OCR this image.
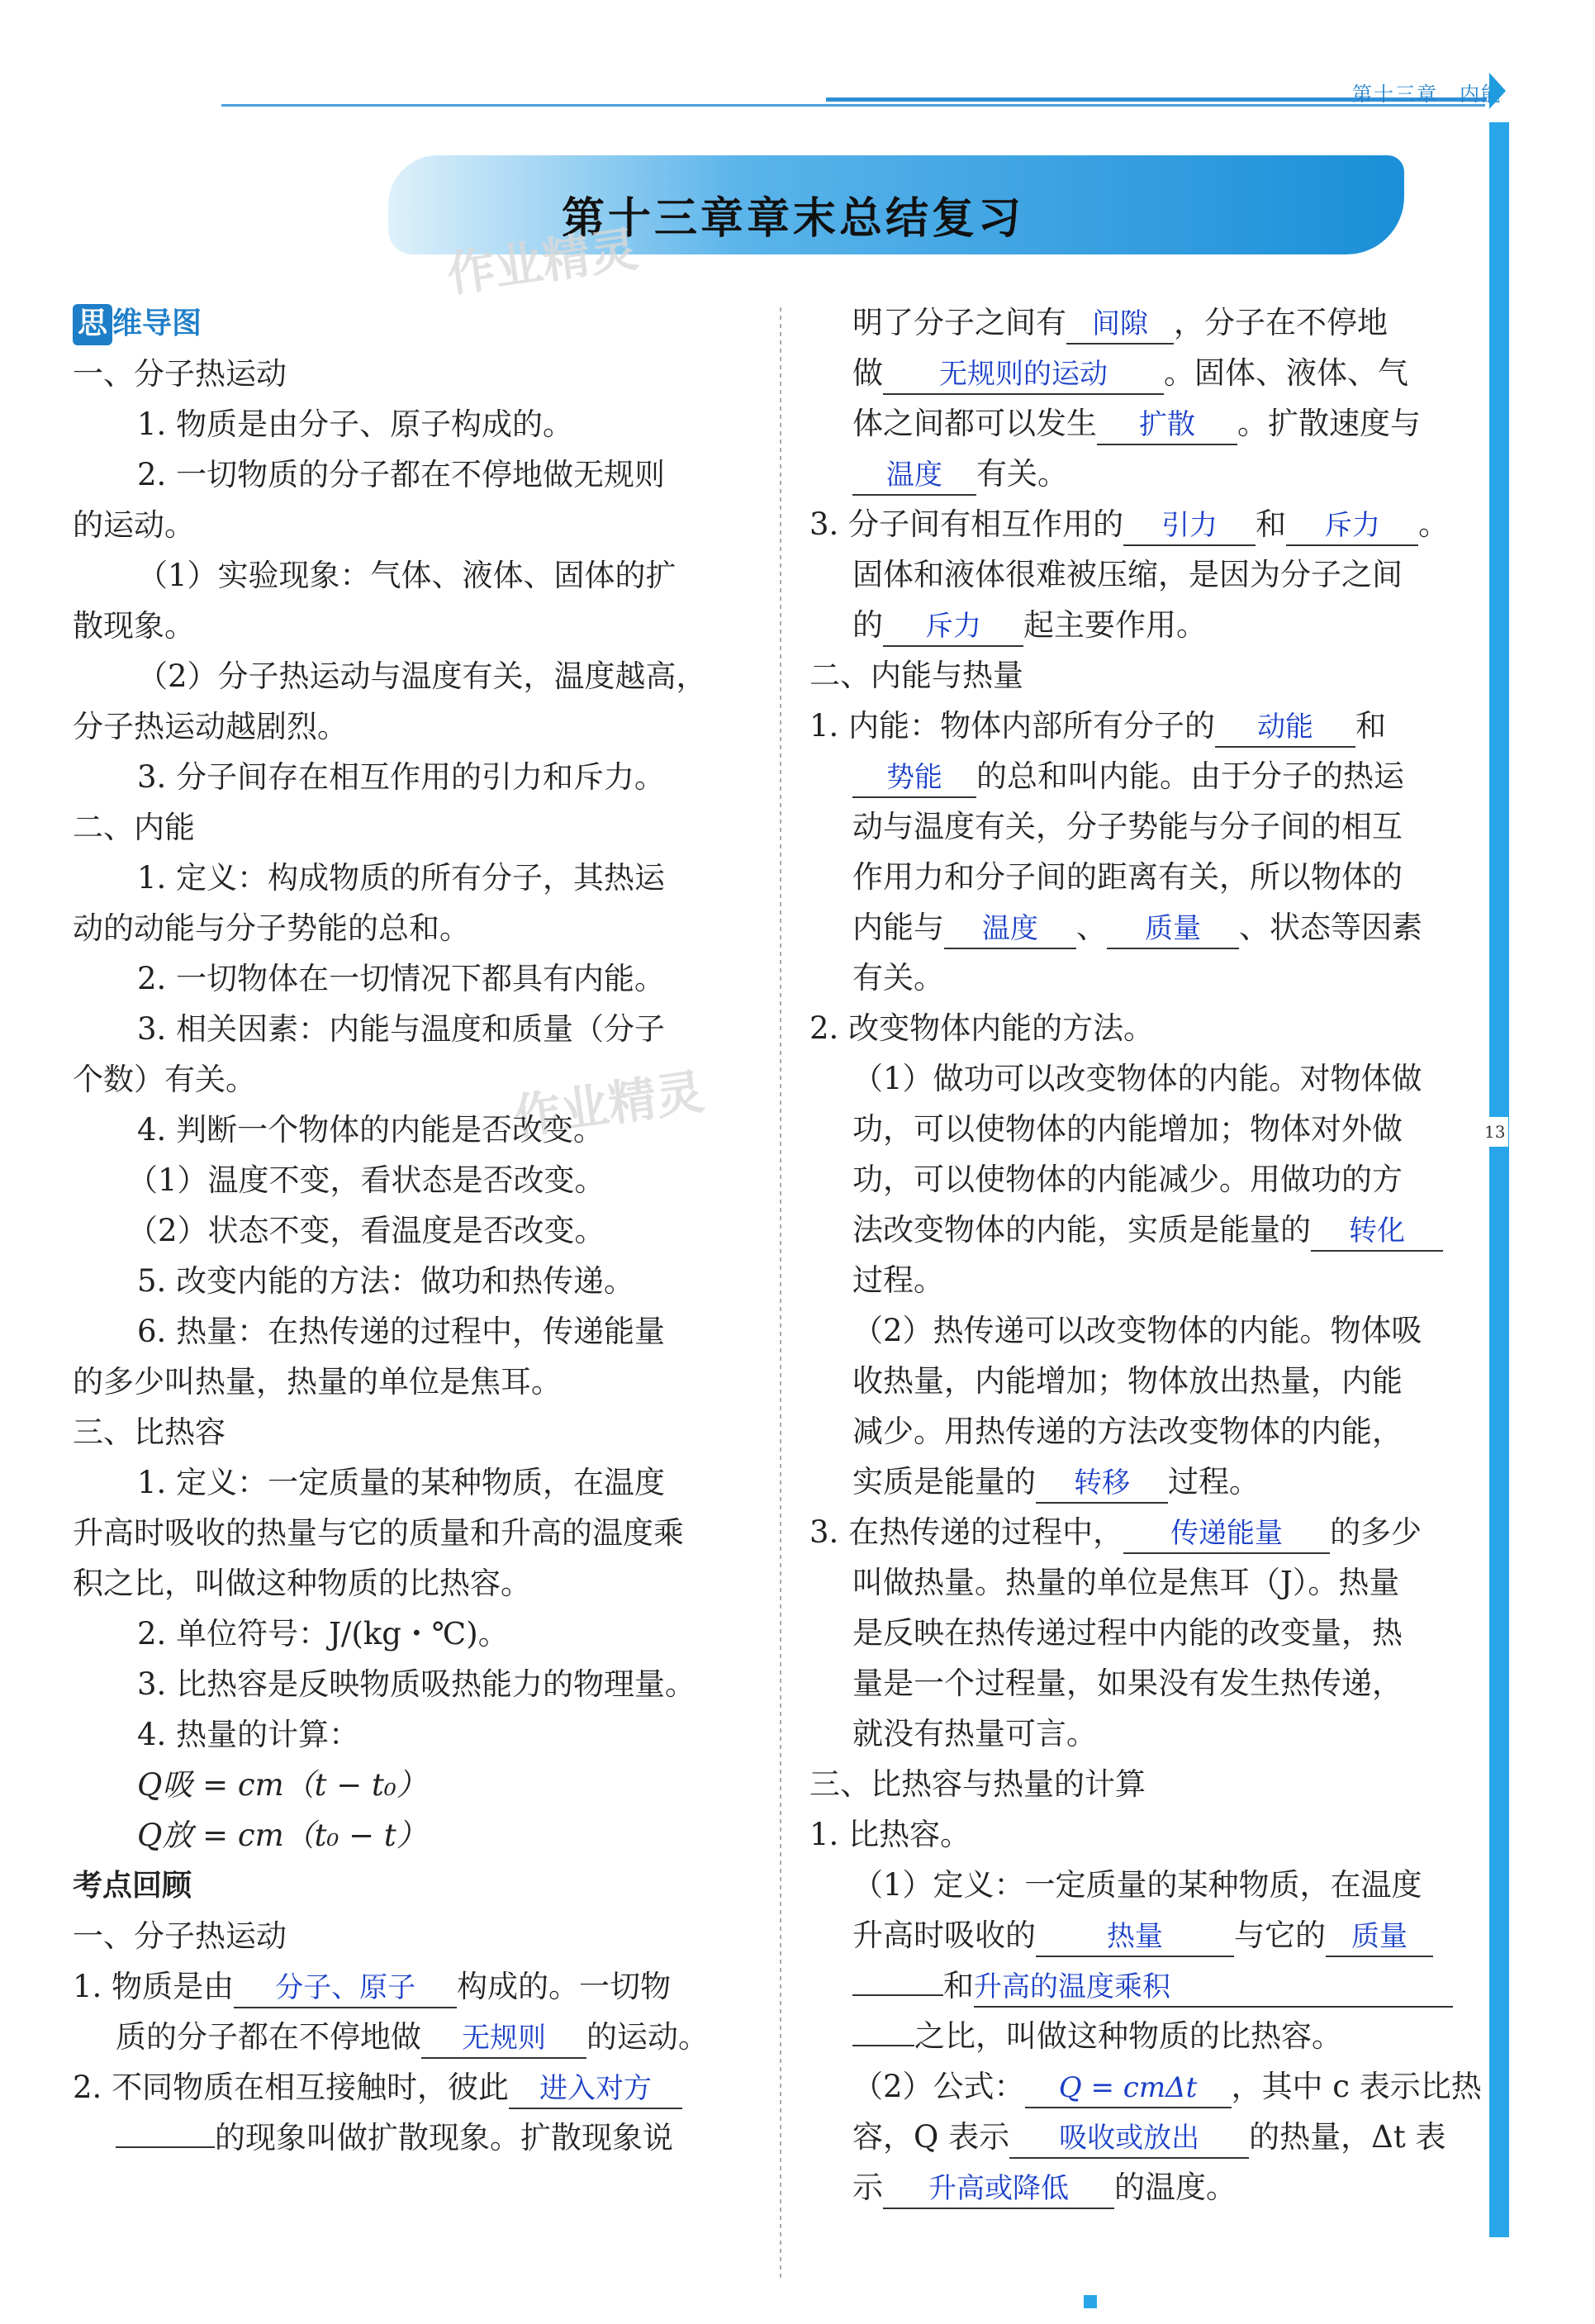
第十三章　内能
13
第十三章章末总结复习
作业精灵
作业精灵
思 维导图
一、分子热运动
1. 物质是由分子、原子构成的。
2. 一切物质的分子都在不停地做无规则
的运动。
（1）实验现象：气体、液体、固体的扩
散现象。
（2）分子热运动与温度有关，温度越高，
分子热运动越剧烈。
3. 分子间存在相互作用的引力和斥力。
二、内能
1. 定义：构成物质的所有分子，其热运
动的动能与分子势能的总和。
2. 一切物体在一切情况下都具有内能。
3. 相关因素：内能与温度和质量（分子
个数）有关。
4. 判断一个物体的内能是否改变。
（1）温度不变，看状态是否改变。
（2）状态不变，看温度是否改变。
5. 改变内能的方法：做功和热传递。
6. 热量：在热传递的过程中，传递能量
的多少叫热量，热量的单位是焦耳。
三、比热容
1. 定义：一定质量的某种物质，在温度
升高时吸收的热量与它的质量和升高的温度乘
积之比，叫做这种物质的比热容。
2. 单位符号：J/(kg・℃)。
3. 比热容是反映物质吸热能力的物理量。
4. 热量的计算：
Q吸 = cm（t − t₀）
Q放 = cm（t₀ − t）
考点回顾
一、分子热运动
1. 物质是由 分子、原子 构成的。一切物
质的分子都在不停地做 无规则 的运动。
2. 不同物质在相互接触时，彼此 进入对方
的现象叫做扩散现象。扩散现象说
明了分子之间有 间隙 ，分子在不停地
做 无规则的运动 。固体、液体、气
体之间都可以发生 扩散 。扩散速度与
温度 有关。
3. 分子间有相互作用的 引力 和 斥力 。
固体和液体很难被压缩，是因为分子之间
的 斥力 起主要作用。
二、内能与热量
1. 内能：物体内部所有分子的 动能 和
势能 的总和叫内能。由于分子的热运
动与温度有关，分子势能与分子间的相互
作用力和分子间的距离有关，所以物体的
内能与 温度 、 质量 、状态等因素
有关。
2. 改变物体内能的方法。
（1）做功可以改变物体的内能。对物体做
功，可以使物体的内能增加；物体对外做
功，可以使物体的内能减少。用做功的方
法改变物体的内能，实质是能量的 转化
过程。
（2）热传递可以改变物体的内能。物体吸
收热量，内能增加；物体放出热量，内能
减少。用热传递的方法改变物体的内能，
实质是能量的 转移 过程。
3. 在热传递的过程中， 传递能量 的多少
叫做热量。热量的单位是焦耳（J）。热量
是反映在热传递过程中内能的改变量，热
量是一个过程量，如果没有发生热传递，
就没有热量可言。
三、比热容与热量的计算
1. 比热容。
（1）定义：一定质量的某种物质，在温度
升高时吸收的	热量 与它的 质量
和升高的温度乘积
之比，叫做这种物质的比热容。
（2）公式： Q = cmΔt ，其中 c 表示比热
容，Q 表示 吸收或放出 的热量，Δt 表
示 升高或降低 的温度。
